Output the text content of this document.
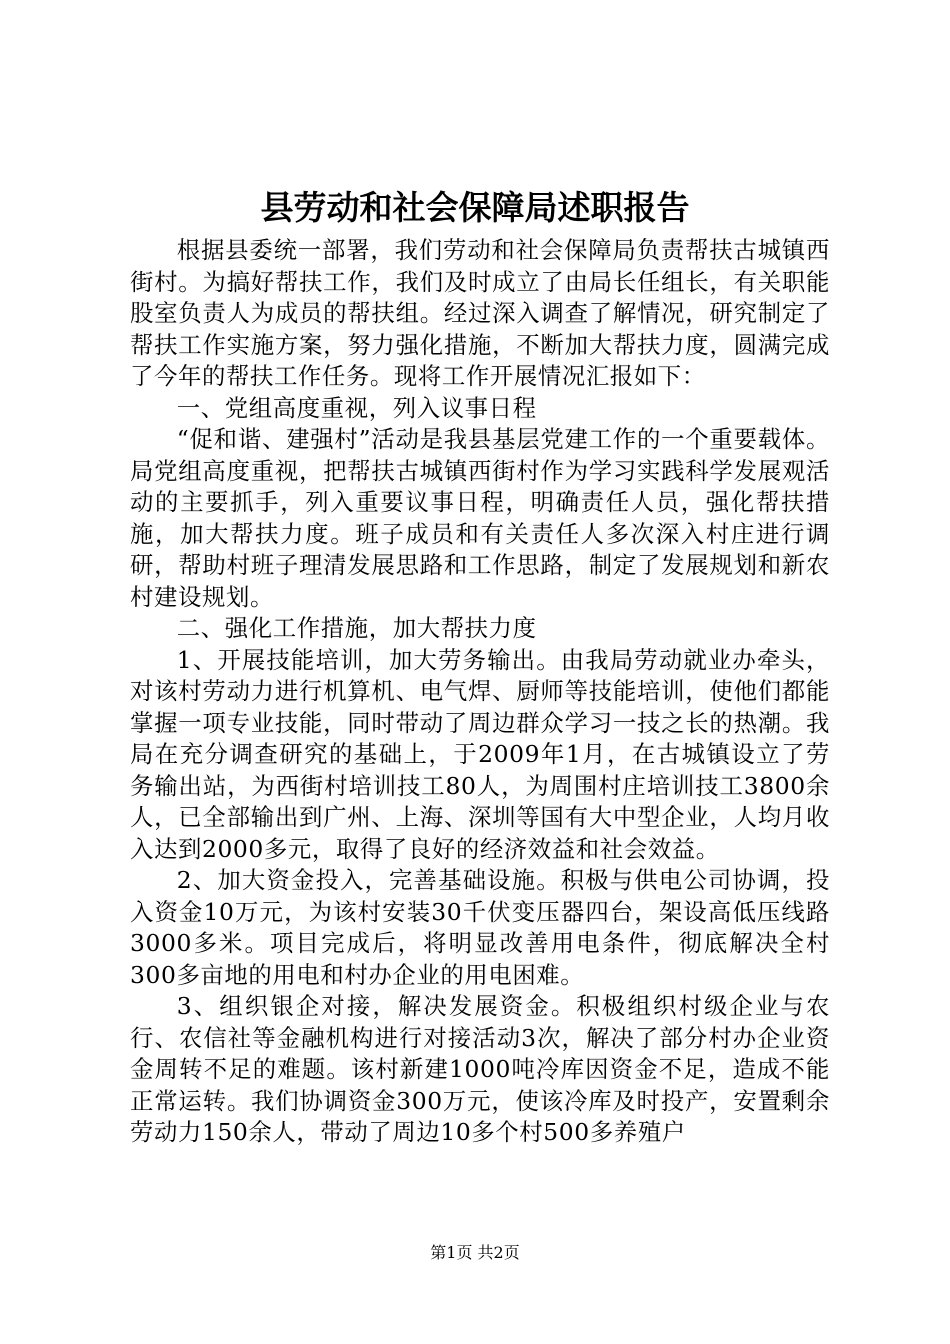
县劳动和社会保障局述职报告

根据县委统一部署，我们劳动和社会保障局负责帮扶古城镇西街村。为搞好帮扶工作，我们及时成立了由局长任组长，有关职能股室负责人为成员的帮扶组。经过深入调查了解情况，研究制定了帮扶工作实施方案，努力强化措施，不断加大帮扶力度，圆满完成了今年的帮扶工作任务。现将工作开展情况汇报如下：

一、党组高度重视，列入议事日程

“促和谐、建强村”活动是我县基层党建工作的一个重要载体。局党组高度重视，把帮扶古城镇西街村作为学习实践科学发展观活动的主要抓手，列入重要议事日程，明确责任人员，强化帮扶措施，加大帮扶力度。班子成员和有关责任人多次深入村庄进行调研，帮助村班子理清发展思路和工作思路，制定了发展规划和新农村建设规划。

二、强化工作措施，加大帮扶力度

1、开展技能培训，加大劳务输出。由我局劳动就业办牵头，对该村劳动力进行机算机、电气焊、厨师等技能培训，使他们都能掌握一项专业技能，同时带动了周边群众学习一技之长的热潮。我局在充分调查研究的基础上，于2009年1月，在古城镇设立了劳务输出站，为西街村培训技工80人，为周围村庄培训技工3800余人，已全部输出到广州、上海、深圳等国有大中型企业，人均月收入达到2000多元，取得了良好的经济效益和社会效益。

2、加大资金投入，完善基础设施。积极与供电公司协调，投入资金10万元，为该村安装30千伏变压器四台，架设高低压线路3000多米。项目完成后，将明显改善用电条件，彻底解决全村300多亩地的用电和村办企业的用电困难。

3、组织银企对接，解决发展资金。积极组织村级企业与农行、农信社等金融机构进行对接活动3次，解决了部分村办企业资金周转不足的难题。该村新建1000吨冷库因资金不足，造成不能正常运转。我们协调资金300万元，使该冷库及时投产，安置剩余劳动力150余人，带动了周边10多个村500多养殖户

第1页 共2页
